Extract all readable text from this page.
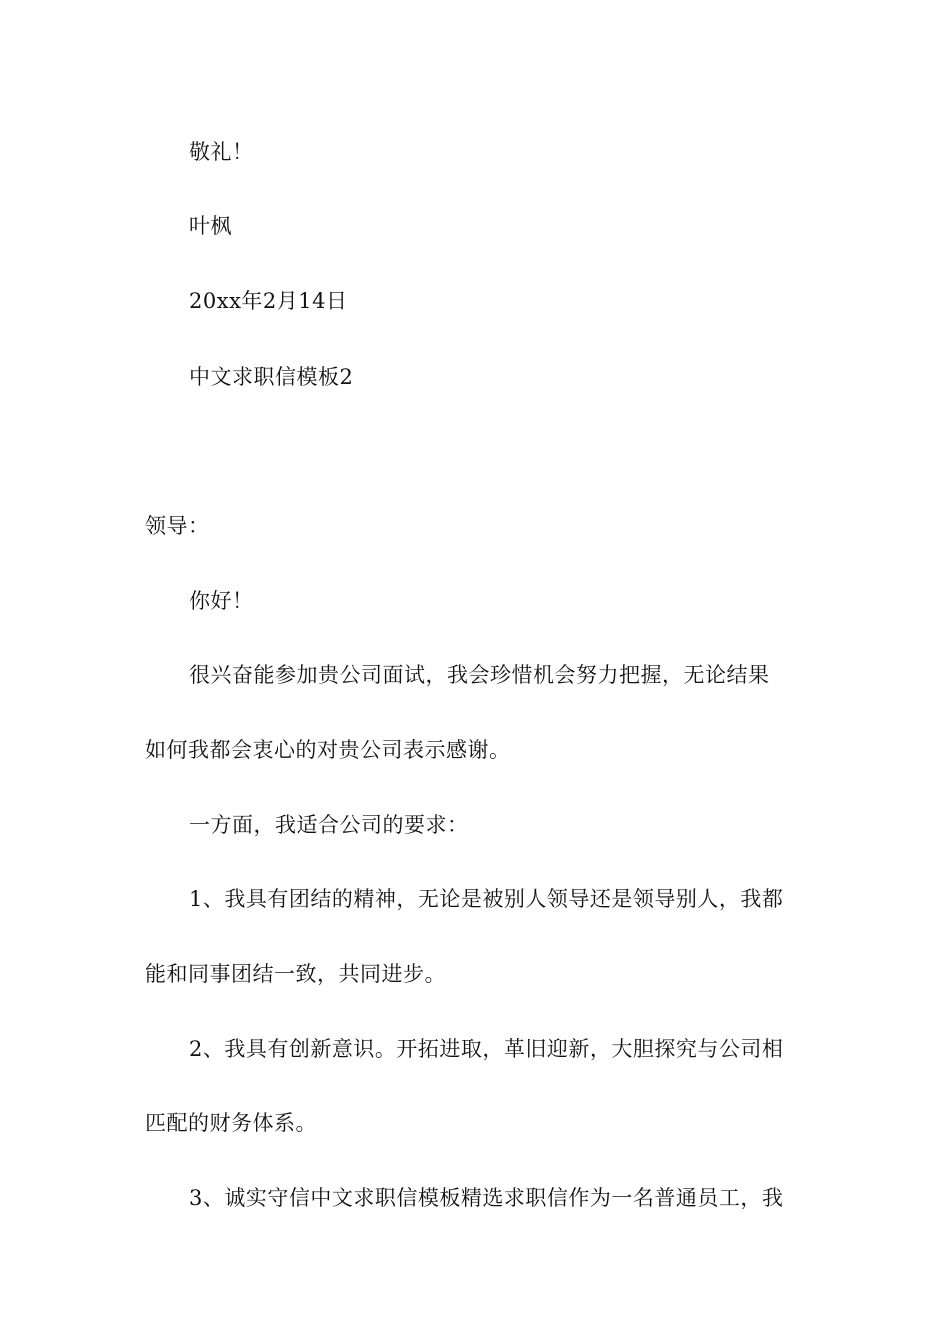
敬礼！
叶枫
20xx年2月14日
中文求职信模板2
领导：
你好！
很兴奋能参加贵公司面试，我会珍惜机会努力把握，无论结果
如何我都会衷心的对贵公司表示感谢。
一方面，我适合公司的要求：
1、我具有团结的精神，无论是被别人领导还是领导别人，我都
能和同事团结一致，共同进步。
2、我具有创新意识。开拓进取，革旧迎新，大胆探究与公司相
匹配的财务体系。
3、诚实守信中文求职信模板精选求职信作为一名普通员工，我
